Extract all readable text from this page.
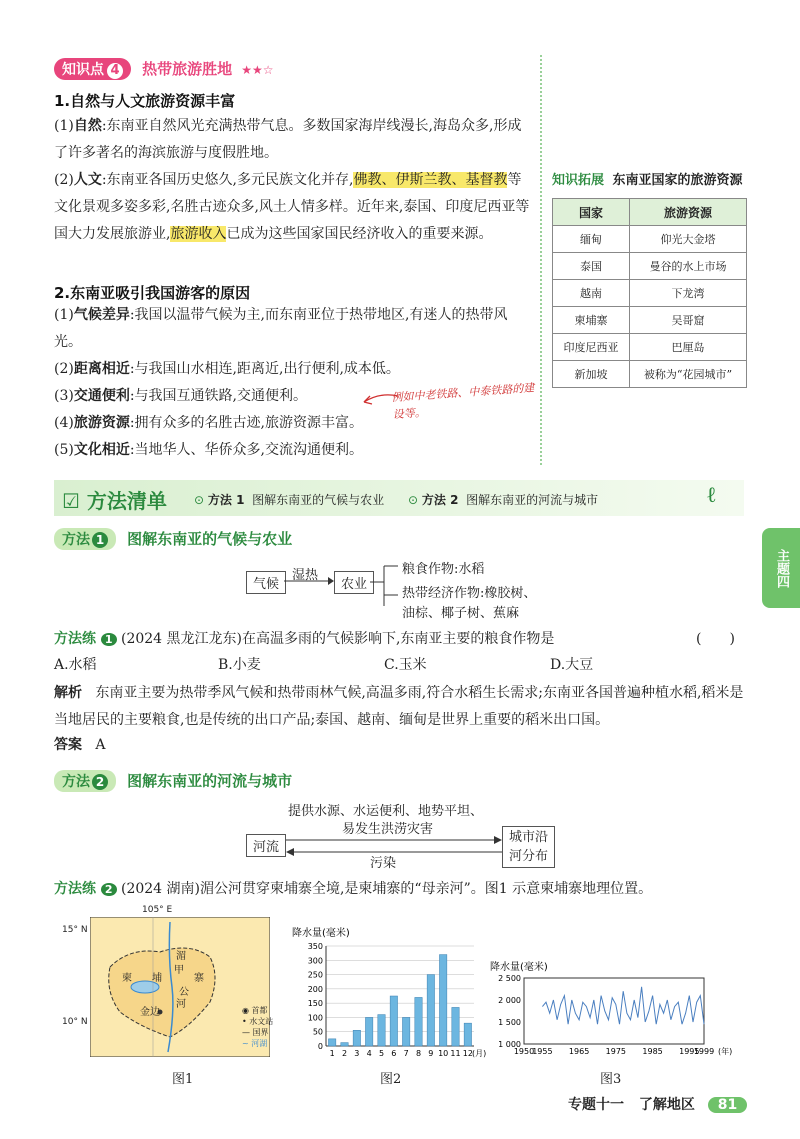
知识点 4 热带旅游胜地 ★★☆
1.自然与人文旅游资源丰富
(1)自然:东南亚自然风光充满热带气息。多数国家海岸线漫长,海岛众多,形成了许多著名的海滨旅游与度假胜地。
(2)人文:东南亚各国历史悠久,多元民族文化并存,佛教、伊斯兰教、基督教等文化景观多姿多彩,名胜古迹众多,风土人情多样。近年来,泰国、印度尼西亚等国大力发展旅游业,旅游收入已成为这些国家国民经济收入的重要来源。
2.东南亚吸引我国游客的原因
(1)气候差异:我国以温带气候为主,而东南亚位于热带地区,有迷人的热带风光。
(2)距离相近:与我国山水相连,距离近,出行便利,成本低。
(3)交通便利:与我国互通铁路,交通便利。
(4)旅游资源:拥有众多的名胜古迹,旅游资源丰富。
(5)文化相近:当地华人、华侨众多,交流沟通便利。
例如中老铁路、中泰铁路的建设等。
知识拓展 东南亚国家的旅游资源
国家	旅游资源
缅甸	仰光大金塔
泰国	曼谷的水上市场
越南	下龙湾
柬埔寨	吴哥窟
印度尼西亚	巴厘岛
新加坡	被称为“花园城市”
☑ 方法清单 ⊙ 方法 1 图解东南亚的气候与农业 ⊙ 方法 2 图解东南亚的河流与城市	ℓ
主题四
方法 1 图解东南亚的气候与农业
气候
湿热
农业
粮食作物:水稻
热带经济作物:橡胶树、
油棕、椰子树、蕉麻
方法练 1 (2024 黑龙江龙东)在高温多雨的气候影响下,东南亚主要的粮食作物是	(　　)
A.水稻	B.小麦	C.玉米	D.大豆
解析 东南亚主要为热带季风气候和热带雨林气候,高温多雨,符合水稻生长需求;东南亚各国普遍种植水稻,稻米是当地居民的主要粮食,也是传统的出口产品;泰国、越南、缅甸是世界上重要的稻米出口国。
答案 A
方法 2 图解东南亚的河流与城市
提供水源、水运便利、地势平坦、
易发生洪涝灾害
河流
城市沿
河分布
污染
方法练 2 (2024 湖南)湄公河贯穿柬埔寨全境,是柬埔寨的“母亲河”。图1 示意柬埔寨地理位置。
105° E
15° N
10° N
柬 埔	寨
金边
湄
公
河
甲
◉ 首都
• 水文站
— 国界
~ 河湖
图1
降水量(毫米)
0
50
100
150
200
250
300
350
1 2 3 4 5 6 7 8 9 10 11 12 (月)
图2
降水量(毫米)
1 000
1 500
2 000
2 500
1950
1955 1965 1975 1985 1995
1999 (年)
图3
专题十一 了解地区 81
